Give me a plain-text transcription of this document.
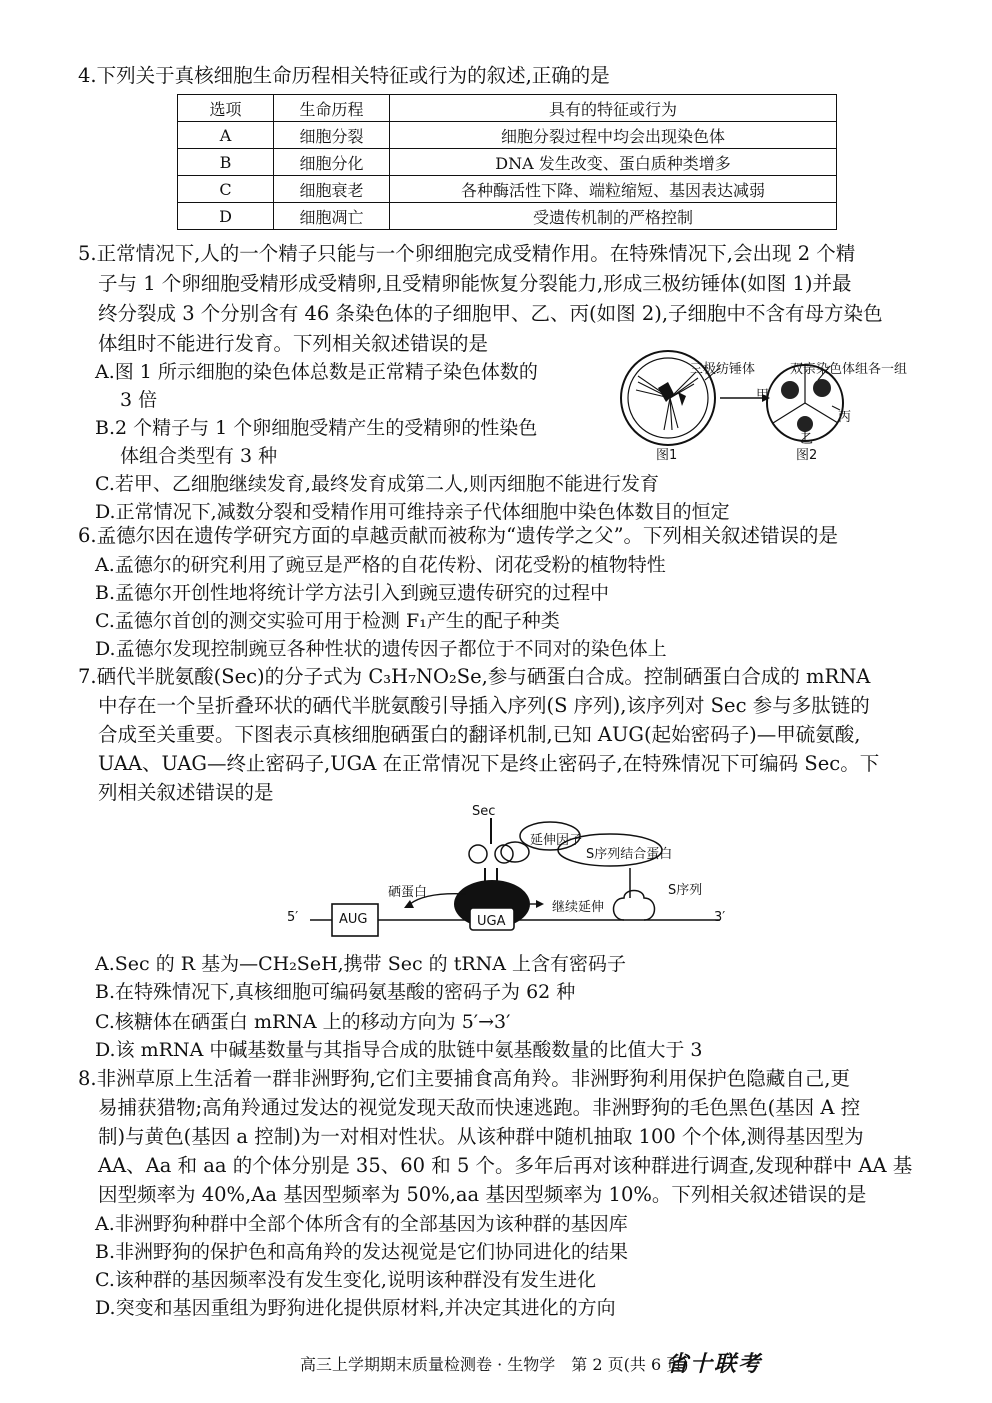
4.下列关于真核细胞生命历程相关特征或行为的叙述,正确的是
选项	生命历程	具有的特征或行为
A	细胞分裂	细胞分裂过程中均会出现染色体
B	细胞分化	DNA 发生改变、蛋白质种类增多
C	细胞衰老	各种酶活性下降、端粒缩短、基因表达减弱
D	细胞凋亡	受遗传机制的严格控制
5.正常情况下,人的一个精子只能与一个卵细胞完成受精作用。在特殊情况下,会出现 2 个精
子与 1 个卵细胞受精形成受精卵,且受精卵能恢复分裂能力,形成三极纺锤体(如图 1)并最
终分裂成 3 个分别含有 46 条染色体的子细胞甲、乙、丙(如图 2),子细胞中不含有母方染色
体组时不能进行发育。下列相关叙述错误的是
A.图 1 所示细胞的染色体总数是正常精子染色体数的
3 倍
B.2 个精子与 1 个卵细胞受精产生的受精卵的性染色
体组合类型有 3 种
C.若甲、乙细胞继续发育,最终发育成第二人,则丙细胞不能进行发育
D.正常情况下,减数分裂和受精作用可维持亲子代体细胞中染色体数目的恒定
三极纺锤体	双亲染色体组各一组
甲
丙
乙
图1	图2
6.孟德尔因在遗传学研究方面的卓越贡献而被称为“遗传学之父”。下列相关叙述错误的是
A.孟德尔的研究利用了豌豆是严格的自花传粉、闭花受粉的植物特性
B.孟德尔开创性地将统计学方法引入到豌豆遗传研究的过程中
C.孟德尔首创的测交实验可用于检测 F₁产生的配子种类
D.孟德尔发现控制豌豆各种性状的遗传因子都位于不同对的染色体上
7.硒代半胱氨酸(Sec)的分子式为 C₃H₇NO₂Se,参与硒蛋白合成。控制硒蛋白合成的 mRNA
中存在一个呈折叠环状的硒代半胱氨酸引导插入序列(S 序列),该序列对 Sec 参与多肽链的
合成至关重要。下图表示真核细胞硒蛋白的翻译机制,已知 AUG(起始密码子)—甲硫氨酸,
UAA、UAG—终止密码子,UGA 在正常情况下是终止密码子,在特殊情况下可编码 Sec。下
列相关叙述错误的是
Sec
延伸因子
S序列结合蛋白
硒蛋白
继续延伸
S序列
AUG	UGA
5′	3′
A.Sec 的 R 基为—CH₂SeH,携带 Sec 的 tRNA 上含有密码子
B.在特殊情况下,真核细胞可编码氨基酸的密码子为 62 种
C.核糖体在硒蛋白 mRNA 上的移动方向为 5′→3′
D.该 mRNA 中碱基数量与其指导合成的肽链中氨基酸数量的比值大于 3
8.非洲草原上生活着一群非洲野狗,它们主要捕食高角羚。非洲野狗利用保护色隐藏自己,更
易捕获猎物;高角羚通过发达的视觉发现天敌而快速逃跑。非洲野狗的毛色黑色(基因 A 控
制)与黄色(基因 a 控制)为一对相对性状。从该种群中随机抽取 100 个个体,测得基因型为
AA、Aa 和 aa 的个体分别是 35、60 和 5 个。多年后再对该种群进行调查,发现种群中 AA 基
因型频率为 40%,Aa 基因型频率为 50%,aa 基因型频率为 10%。下列相关叙述错误的是
A.非洲野狗种群中全部个体所含有的全部基因为该种群的基因库
B.非洲野狗的保护色和高角羚的发达视觉是它们协同进化的结果
C.该种群的基因频率没有发生变化,说明该种群没有发生进化
D.突变和基因重组为野狗进化提供原材料,并决定其进化的方向
高三上学期期末质量检测卷 · 生物学　第 2 页(共 6 页)
省十联考
